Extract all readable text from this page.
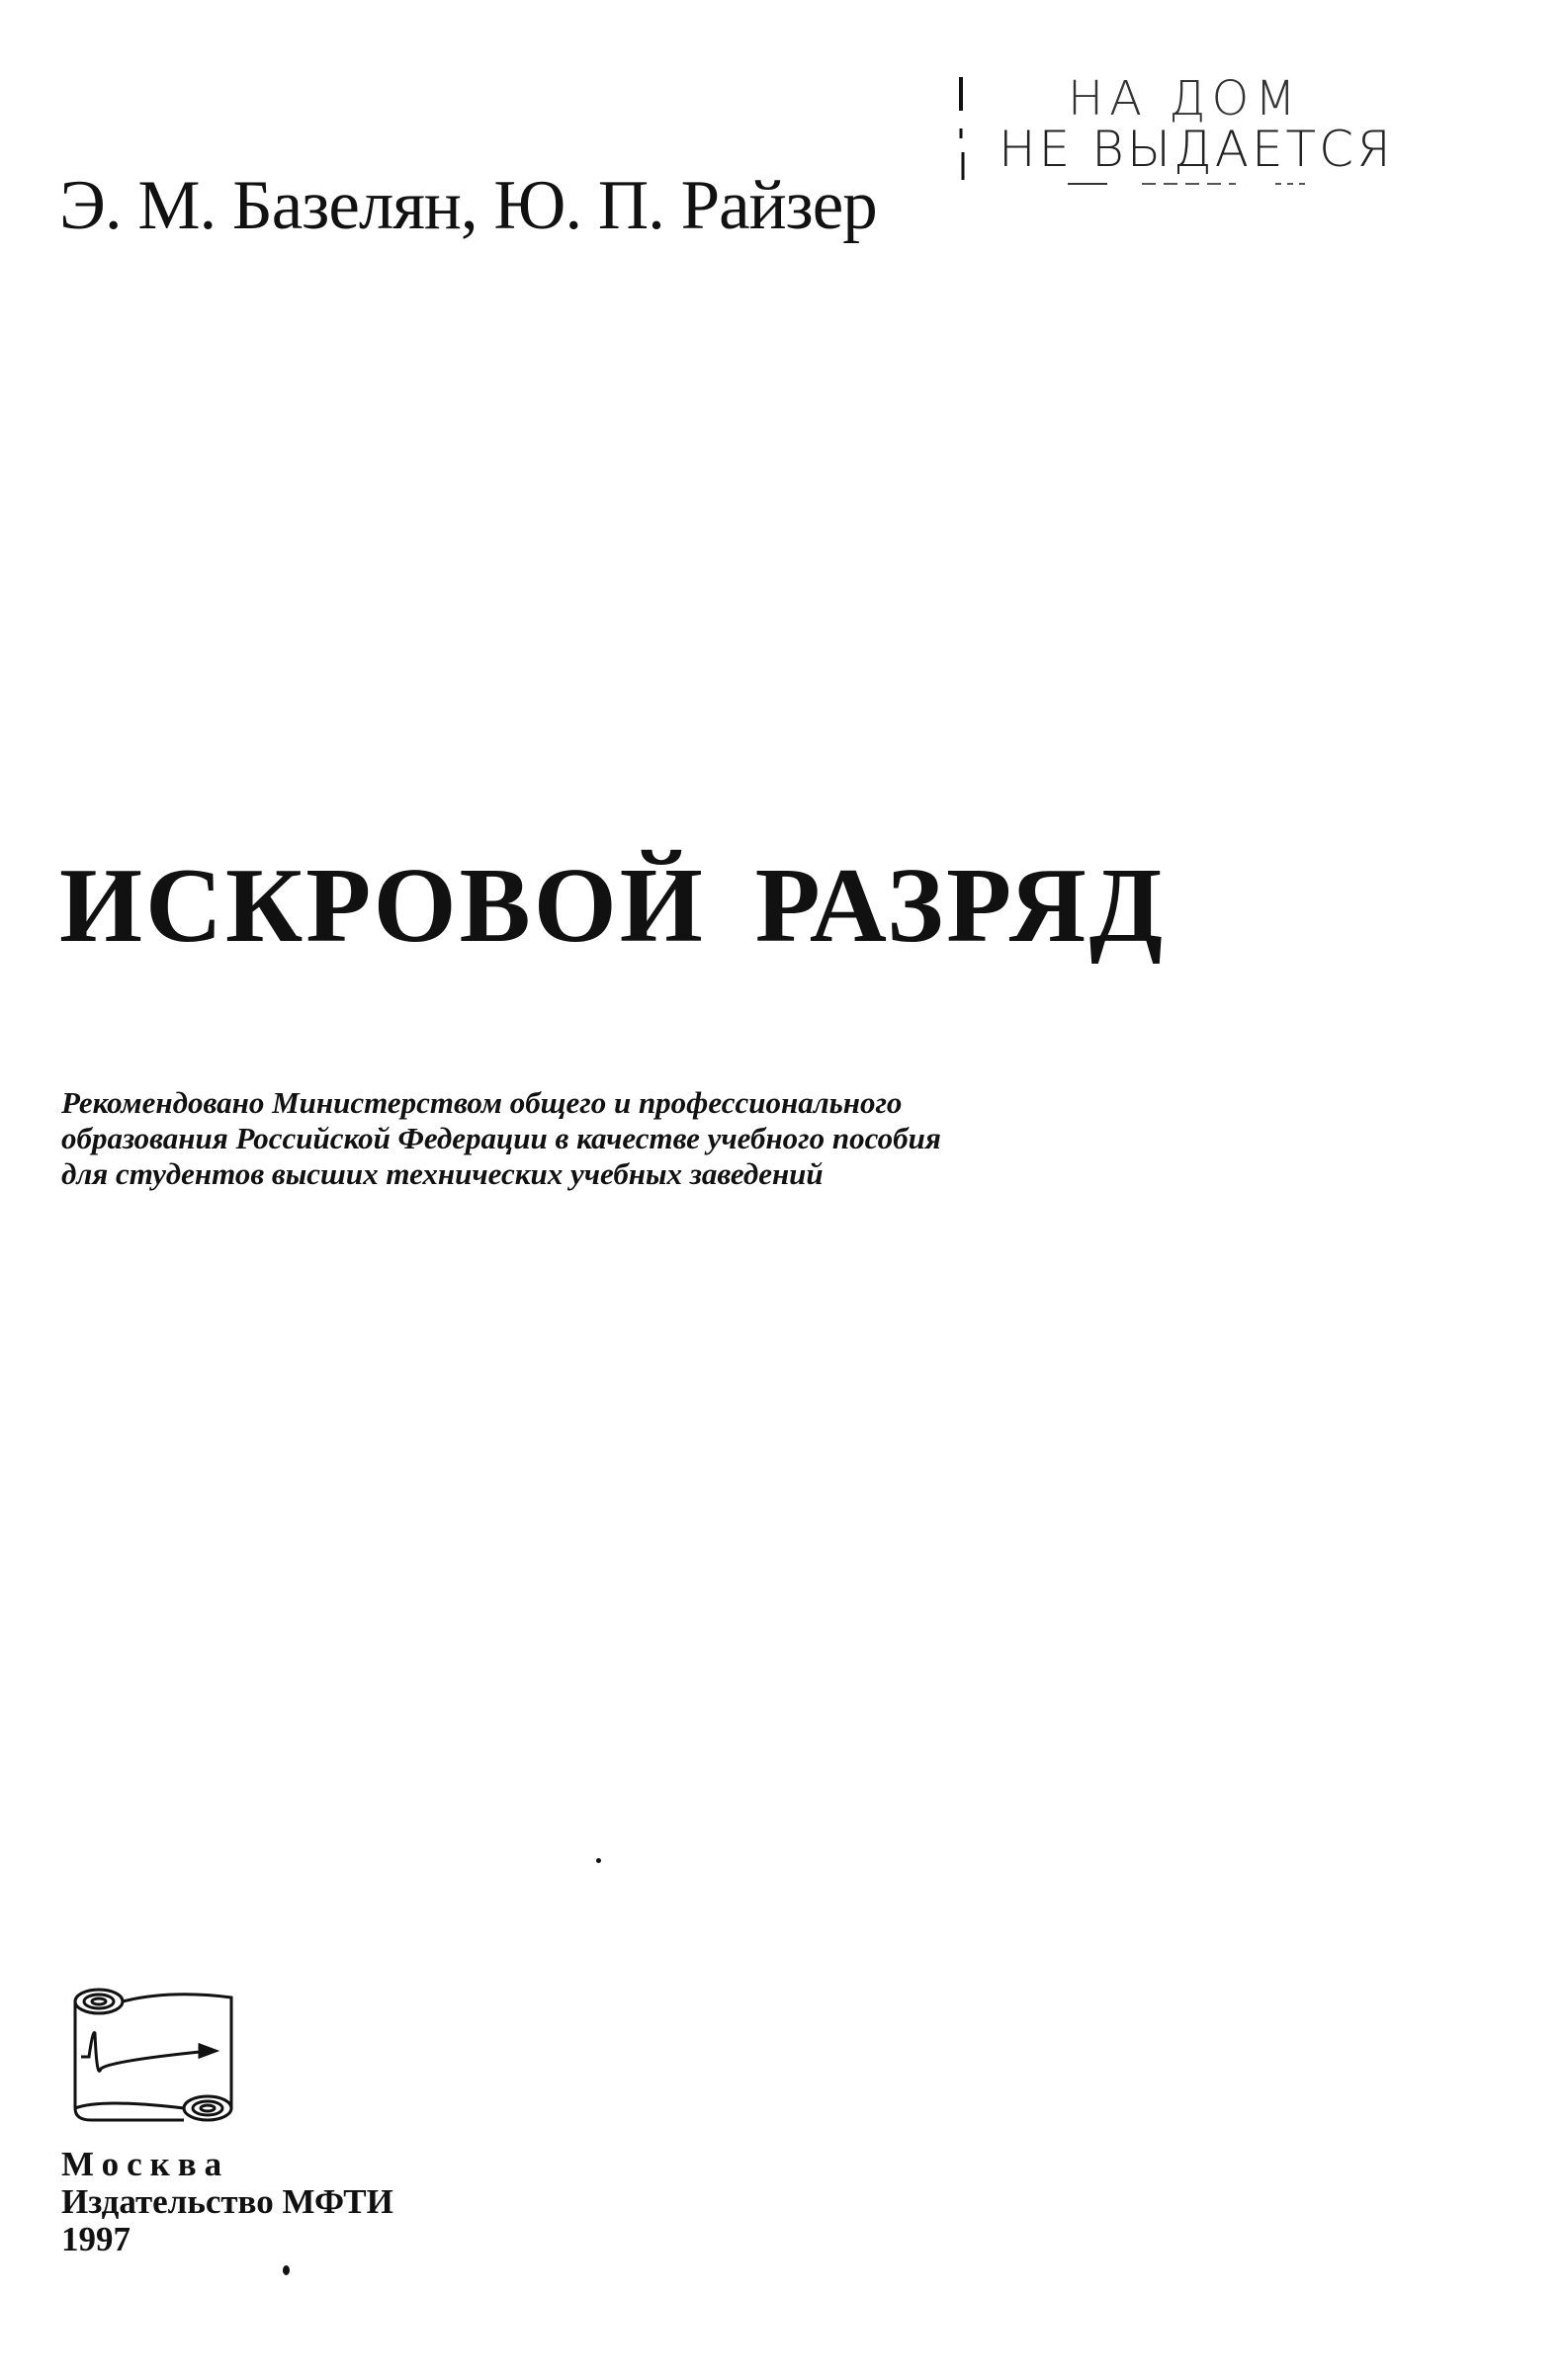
Э. М. Базелян, Ю. П. Райзер
НА ДОМ
НЕ ВЫДАЕТСЯ
ИСКРОВОЙ РАЗРЯД
Рекомендовано Министерством общего и профессионального
образования Российской Федерации в качестве учебного пособия
для студентов высших технических учебных заведений
Москва
Издательство МФТИ
1997
